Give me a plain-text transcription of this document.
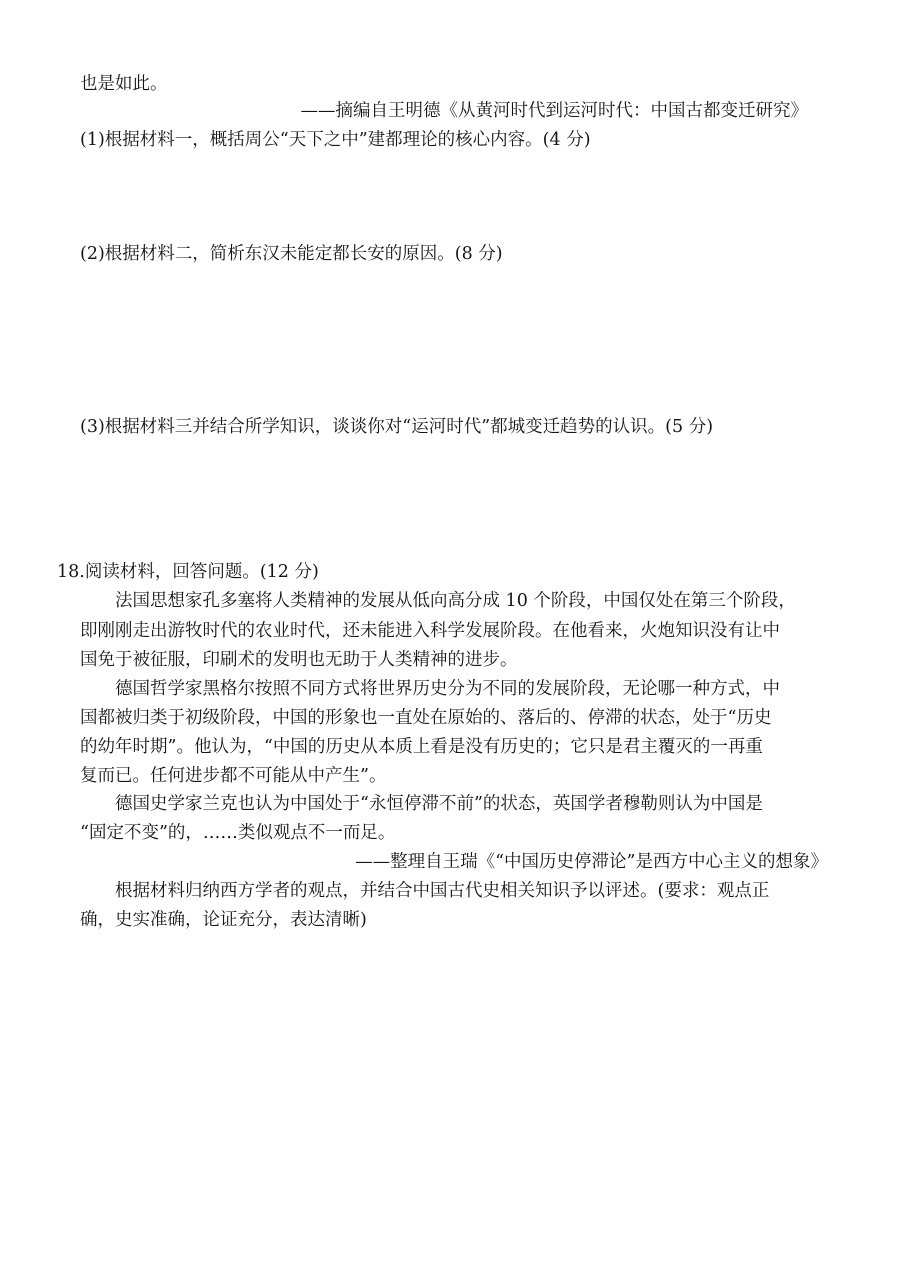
也是如此。
——摘编自王明德《从黄河时代到运河时代：中国古都变迁研究》
(1)根据材料一，概括周公“天下之中”建都理论的核心内容。(4 分)
(2)根据材料二，简析东汉未能定都长安的原因。(8 分)
(3)根据材料三并结合所学知识，谈谈你对“运河时代”都城变迁趋势的认识。(5 分)
18.阅读材料，回答问题。(12 分)
法国思想家孔多塞将人类精神的发展从低向高分成 10 个阶段，中国仅处在第三个阶段，
即刚刚走出游牧时代的农业时代，还未能进入科学发展阶段。在他看来，火炮知识没有让中
国免于被征服，印刷术的发明也无助于人类精神的进步。
德国哲学家黑格尔按照不同方式将世界历史分为不同的发展阶段，无论哪一种方式，中
国都被归类于初级阶段，中国的形象也一直处在原始的、落后的、停滞的状态，处于“历史
的幼年时期”。他认为，“中国的历史从本质上看是没有历史的；它只是君主覆灭的一再重
复而已。任何进步都不可能从中产生”。
德国史学家兰克也认为中国处于“永恒停滞不前”的状态，英国学者穆勒则认为中国是
“固定不变”的，……类似观点不一而足。
——整理自王瑞《“中国历史停滞论”是西方中心主义的想象》
根据材料归纳西方学者的观点，并结合中国古代史相关知识予以评述。(要求：观点正
确，史实准确，论证充分，表达清晰)
